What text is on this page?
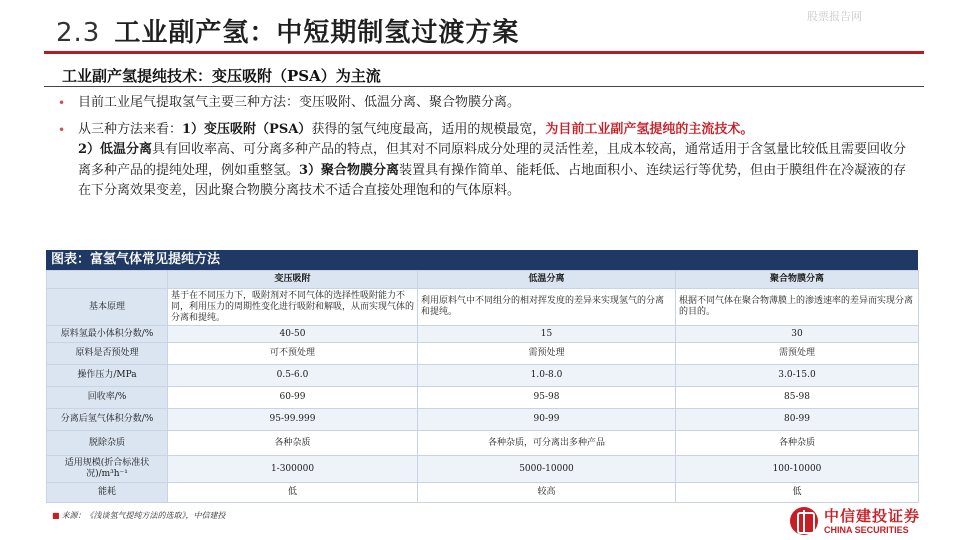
股票报告网
2.3 工业副产氢：中短期制氢过渡方案
工业副产氢提纯技术：变压吸附（PSA）为主流
• 目前工业尾气提取氢气主要三种方法：变压吸附、低温分离、聚合物膜分离。
• 从三种方法来看：1）变压吸附（PSA）获得的氢气纯度最高，适用的规模最宽，为目前工业副产氢提纯的主流技术。
2）低温分离具有回收率高、可分离多种产品的特点，但其对不同原料成分处理的灵活性差，且成本较高，通常适用于含氢量比较低且需要回收分离多种产品的提纯处理，例如重整氢。3）聚合物膜分离装置具有操作简单、能耗低、占地面积小、连续运行等优势，但由于膜组件在冷凝液的存在下分离效果变差，因此聚合物膜分离技术不适合直接处理饱和的气体原料。
图表：富氢气体常见提纯方法
	变压吸附	低温分离	聚合物膜分离
基本原理	基于在不同压力下，吸附剂对不同气体的选择性吸附能力不同，利用压力的周期性变化进行吸附和解吸，从而实现气体的分离和提纯。	利用原料气中不同组分的相对挥发度的差异来实现氢气的分离和提纯。	根据不同气体在聚合物薄膜上的渗透速率的差异而实现分离的目的。
原料氢最小体积分数/%	40-50	15	30
原料是否预处理	可不预处理	需预处理	需预处理
操作压力/MPa	0.5-6.0	1.0-8.0	3.0-15.0
回收率/%	60-99	95-98	85-98
分离后氢气体积分数/%	95-99.999	90-99	80-99
脱除杂质	各种杂质	各种杂质，可分离出多种产品	各种杂质
适用规模(折合标准状况)/m³h⁻¹	1-300000	5000-10000	100-10000
能耗	低	较高	低
■ 来源：《浅谈氢气提纯方法的选取》，中信建投	中信建投证券
CHINA SECURITIES
